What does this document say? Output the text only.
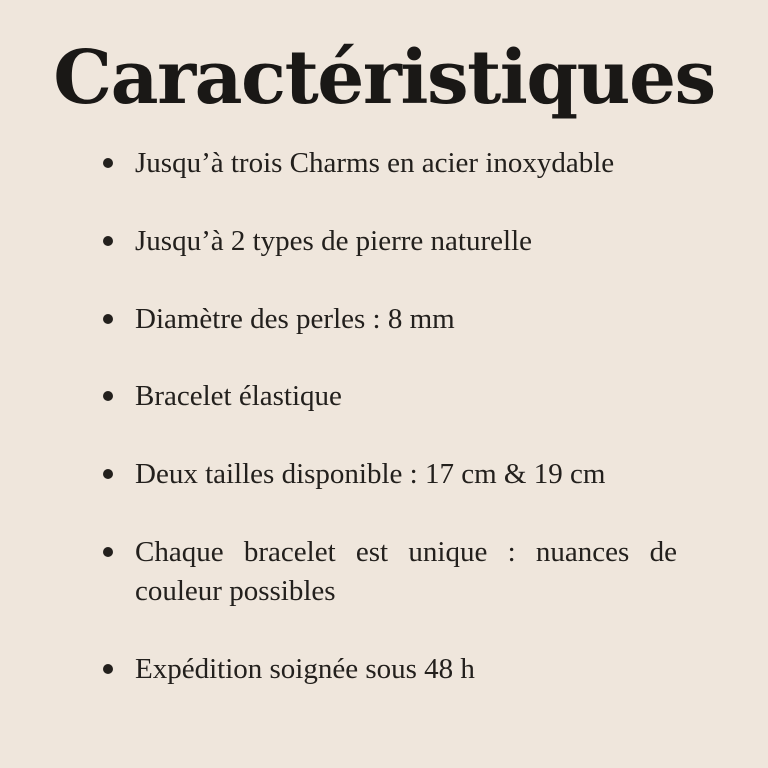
Caractéristiques
Jusqu’à trois Charms en acier inoxydable
Jusqu’à 2 types de pierre naturelle
Diamètre des perles : 8 mm
Bracelet élastique
Deux tailles disponible : 17 cm & 19 cm
Chaque bracelet est unique : nuances de couleur possibles
Expédition soignée sous 48 h
